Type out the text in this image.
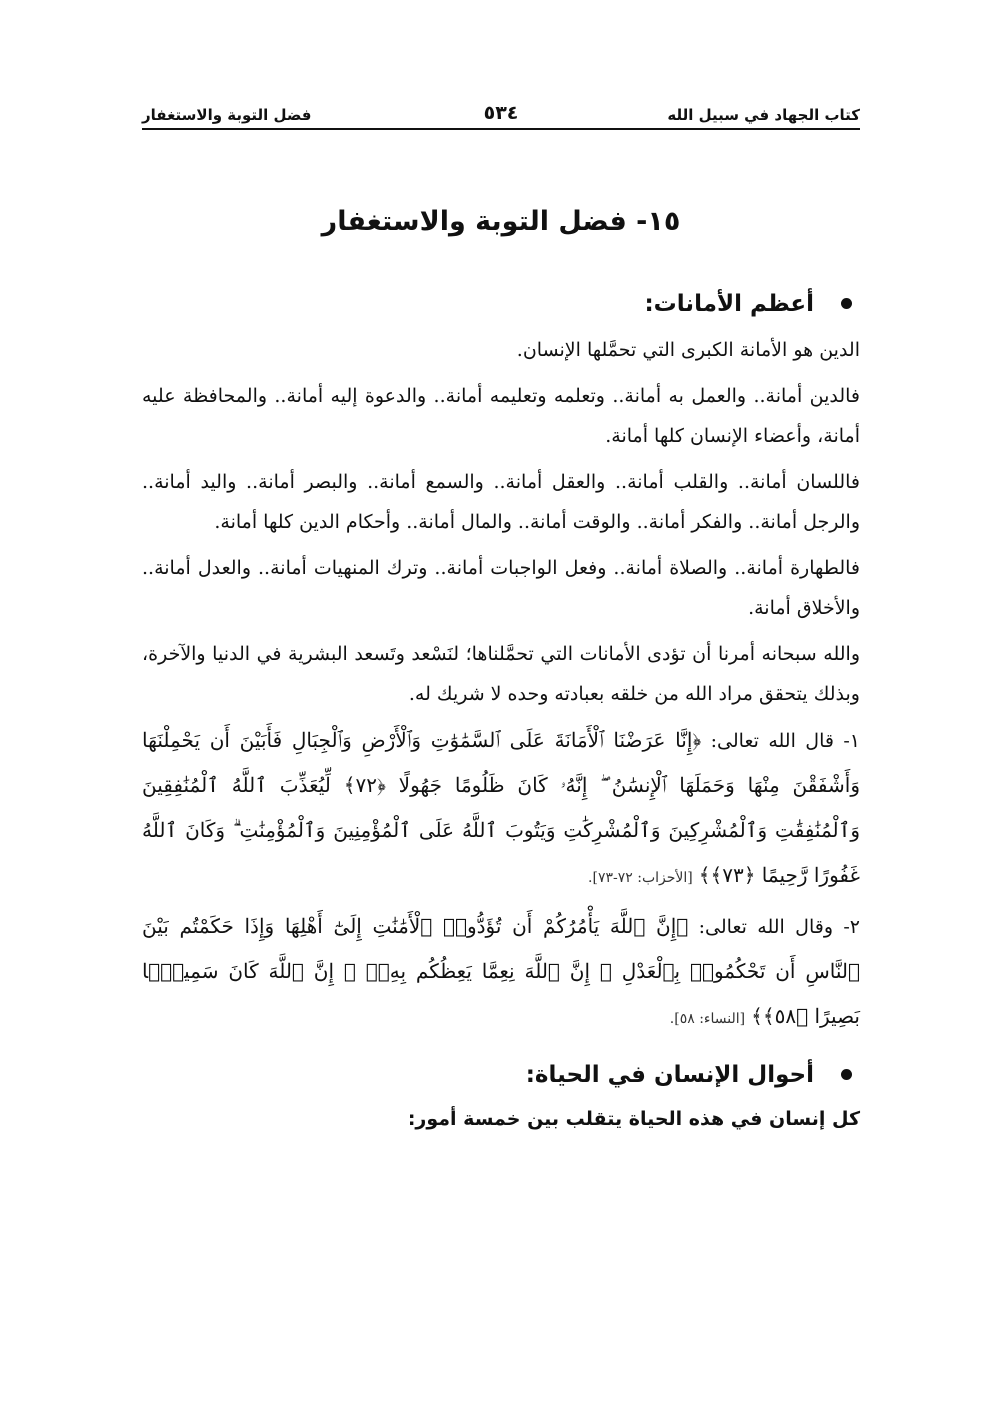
كتاب الجهاد في سبيل الله
٥٣٤
فضل التوبة والاستغفار
١٥- فضل التوبة والاستغفار
أعظم الأمانات:

الدين هو الأمانة الكبرى التي تحمَّلها الإنسان.

فالدين أمانة.. والعمل به أمانة.. وتعلمه وتعليمه أمانة.. والدعوة إليه أمانة.. والمحافظة عليه أمانة، وأعضاء الإنسان كلها أمانة.

فاللسان أمانة.. والقلب أمانة.. والعقل أمانة.. والسمع أمانة.. والبصر أمانة.. واليد أمانة.. والرجل أمانة.. والفكر أمانة.. والوقت أمانة.. والمال أمانة.. وأحكام الدين كلها أمانة.

فالطهارة أمانة.. والصلاة أمانة.. وفعل الواجبات أمانة.. وترك المنهيات أمانة.. والعدل أمانة.. والأخلاق أمانة.

والله سبحانه أمرنا أن تؤدى الأمانات التي تحمَّلناها؛ لنَسْعد وتَسعد البشرية في الدنيا والآخرة، وبذلك يتحقق مراد الله من خلقه بعبادته وحده لا شريك له.

١- قال الله تعالى: ﴿إِنَّا عَرَضْنَا ٱلْأَمَانَةَ عَلَى ٱلسَّمَٰوَٰتِ وَٱلْأَرْضِ وَٱلْجِبَالِ فَأَبَيْنَ أَن يَحْمِلْنَهَا وَأَشْفَقْنَ مِنْهَا وَحَمَلَهَا ٱلْإِنسَٰنُ ۖ إِنَّهُۥ كَانَ ظَلُومًا جَهُولًا ﴿٧٢﴾ لِّيُعَذِّبَ ٱللَّهُ ٱلْمُنَٰفِقِينَ وَٱلْمُنَٰفِقَٰتِ وَٱلْمُشْرِكِينَ وَٱلْمُشْرِكَٰتِ وَيَتُوبَ ٱللَّهُ عَلَى ٱلْمُؤْمِنِينَ وَٱلْمُؤْمِنَٰتِ ۗ وَكَانَ ٱللَّهُ غَفُورًا رَّحِيمًا ﴿٧٣﴾﴾ [الأحزاب: ٧٢-٧٣].

٢- وقال الله تعالى: ﴿إِنَّ ٱللَّهَ يَأْمُرُكُمْ أَن تُؤَدُّوا۟ ٱلْأَمَٰنَٰتِ إِلَىٰٓ أَهْلِهَا وَإِذَا حَكَمْتُم بَيْنَ ٱلنَّاسِ أَن تَحْكُمُوا۟ بِٱلْعَدْلِ ۚ إِنَّ ٱللَّهَ نِعِمَّا يَعِظُكُم بِهِۦٓ ۗ إِنَّ ٱللَّهَ كَانَ سَمِيعًۢا بَصِيرًا ﴿٥٨﴾﴾ [النساء: ٥٨].

أحوال الإنسان في الحياة:
كل إنسان في هذه الحياة يتقلب بين خمسة أمور:
